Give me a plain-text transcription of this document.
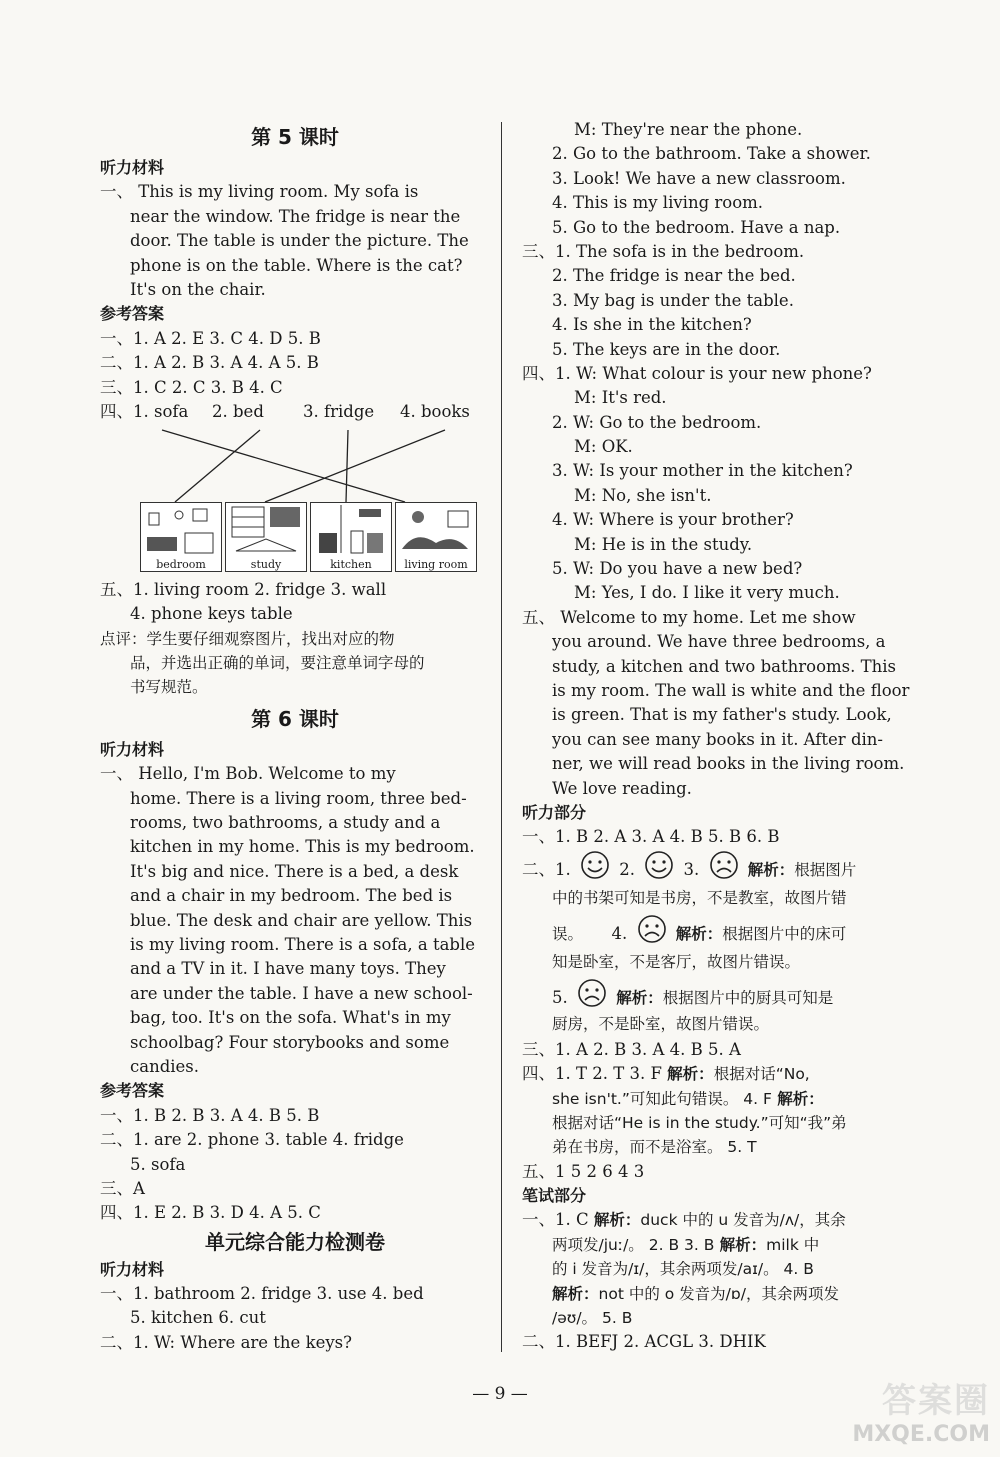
第 5 课时
听力材料
一、 This is my living room. My sofa is
near the window. The fridge is near the
door. The table is under the picture. The
phone is on the table. Where is the cat?
It's on the chair.
参考答案
一、1. A 2. E 3. C 4. D 5. B
二、1. A 2. B 3. A 4. A 5. B
三、1. C 2. C 3. B 4. C
四、1. sofa 2. bed 3. fridge 4. books
bedroom	study	kitchen	living room
五、1. living room 2. fridge 3. wall
4. phone keys table
点评：学生要仔细观察图片，找出对应的物
品，并选出正确的单词，要注意单词字母的
书写规范。
第 6 课时
听力材料
一、 Hello, I'm Bob. Welcome to my
home. There is a living room, three bed-
rooms, two bathrooms, a study and a
kitchen in my home. This is my bedroom.
It's big and nice. There is a bed, a desk
and a chair in my bedroom. The bed is
blue. The desk and chair are yellow. This
is my living room. There is a sofa, a table
and a TV in it. I have many toys. They
are under the table. I have a new school-
bag, too. It's on the sofa. What's in my
schoolbag? Four storybooks and some
candies.
参考答案
一、1. B 2. B 3. A 4. B 5. B
二、1. are 2. phone 3. table 4. fridge
5. sofa
三、A
四、1. E 2. B 3. D 4. A 5. C
单元综合能力检测卷
听力材料
一、1. bathroom 2. fridge 3. use 4. bed
5. kitchen 6. cut
二、1. W: Where are the keys?
M: They're near the phone.
2. Go to the bathroom. Take a shower.
3. Look! We have a new classroom.
4. This is my living room.
5. Go to the bedroom. Have a nap.
三、1. The sofa is in the bedroom.
2. The fridge is near the bed.
3. My bag is under the table.
4. Is she in the kitchen?
5. The keys are in the door.
四、1. W: What colour is your new phone?
M: It's red.
2. W: Go to the bedroom.
M: OK.
3. W: Is your mother in the kitchen?
M: No, she isn't.
4. W: Where is your brother?
M: He is in the study.
5. W: Do you have a new bed?
M: Yes, I do. I like it very much.
五、 Welcome to my home. Let me show
you around. We have three bedrooms, a
study, a kitchen and two bathrooms. This
is my room. The wall is white and the floor
is green. That is my father's study. Look,
you can see many books in it. After din-
ner, we will read books in the living room.
We love reading.
听力部分
一、1. B 2. A 3. A 4. B 5. B 6. B
二、1.	2.	3.	解析：根据图片
中的书架可知是书房，不是教室，故图片错
误。 4.	解析：根据图片中的床可
知是卧室，不是客厅，故图片错误。
5.	解析：根据图片中的厨具可知是
厨房，不是卧室，故图片错误。
三、1. A 2. B 3. A 4. B 5. A
四、1. T 2. T 3. F 解析：根据对话“No,
she isn't.”可知此句错误。 4. F 解析：
根据对话“He is in the study.”可知“我”弟
弟在书房，而不是浴室。 5. T
五、1 5 2 6 4 3
笔试部分
一、1. C 解析：duck 中的 u 发音为/ʌ/，其余
两项发/juː/。 2. B 3. B 解析：milk 中
的 i 发音为/ɪ/，其余两项发/aɪ/。 4. B
解析：not 中的 o 发音为/ɒ/，其余两项发
/əʊ/。 5. B
二、1. BEFJ 2. ACGL 3. DHIK
— 9 —	答案圈
MXQE.COM
